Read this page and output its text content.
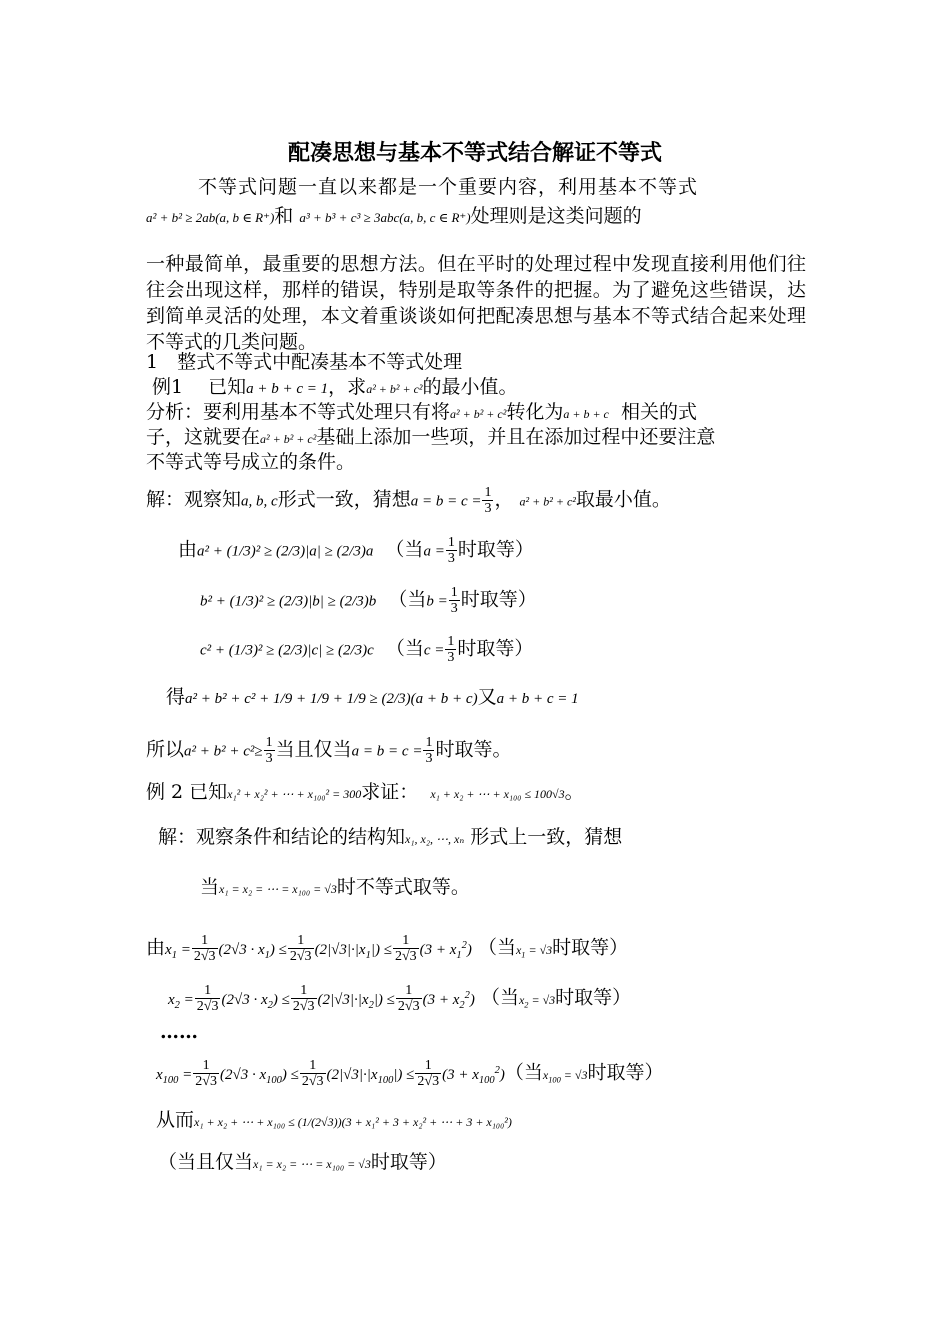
配凑思想与基本不等式结合解证不等式
不等式问题一直以来都是一个重要内容，利用基本不等式
a² + b² ≥ 2ab(a, b ∈ R⁺)和 a³ + b³ + c³ ≥ 3abc(a, b, c ∈ R⁺)处理则是这类问题的
一种最简单，最重要的思想方法。但在平时的处理过程中发现直接利用他们往往会出现这样，那样的错误，特别是取等条件的把握。为了避免这些错误，达到简单灵活的处理，本文着重谈谈如何把配凑思想与基本不等式结合起来处理不等式的几类问题。
1　整式不等式中配凑基本不等式处理
例1　 已知a + b + c = 1，求a² + b² + c²的最小值。
分析：要利用基本不等式处理只有将a² + b² + c²转化为a + b + c 相关的式
子，这就要在a² + b² + c²基础上添加一些项，并且在添加过程中还要注意
不等式等号成立的条件。
解：观察知a, b, c形式一致，猜想$a = b = c = \frac{1}{3}$ ， a² + b² + c²取最小值。
由a² + (1/3)² ≥ (2/3)|a| ≥ (2/3)a （当$a = \frac{1}{3}$ 时取等）
b² + (1/3)² ≥ (2/3)|b| ≥ (2/3)b （当$b = \frac{1}{3}$ 时取等）
c² + (1/3)² ≥ (2/3)|c| ≥ (2/3)c （当$c = \frac{1}{3}$ 时取等）
得a² + b² + c² + 1/9 + 1/9 + 1/9 ≥ (2/3)(a + b + c)又a + b + c = 1
所以$a^2 + b^2 + c^2\ge \frac{1}{3}$ 当且仅当$a = b = c = \frac{1}{3}$ 时取等。
例 2 已知x₁² + x₂² + ⋯ + x₁₀₀² = 300求证： x₁ + x₂ + ⋯ + x₁₀₀ ≤ 100√3。
解：观察条件和结论的结构知x₁, x₂, ⋯, xₙ 形式上一致，猜想
当x₁ = x₂ = ⋯ = x₁₀₀ = √3时不等式取等。
由$x_1 = \frac{1}{2√3} (2√3 \cdot x_1) \le \frac{1}{2√3} (2|√3|\cdot|x_1|) \le \frac{1}{2√3} (3 + x_1^2)$ （当$x_1 = √3$时取等）
$x_2 = \frac{1}{2√3} (2√3 \cdot x_2) \le \frac{1}{2√3} (2|√3|\cdot|x_2|) \le \frac{1}{2√3} (3 + x_2^2)$ （当$x_2 = √3$时取等）
……
$x_{100} = \frac{1}{2√3} (2√3 \cdot x_{100}) \le \frac{1}{2√3} (2|√3|\cdot|x_{100}|) \le \frac{1}{2√3} (3 + x_{100}^2)$（当$x_{100} = √3$时取等）
从而x₁ + x₂ + ⋯ + x₁₀₀ ≤ (1/(2√3))(3 + x₁² + 3 + x₂² + ⋯ + 3 + x₁₀₀²)
（当且仅当x₁ = x₂ = ⋯ = x₁₀₀ = √3时取等）
